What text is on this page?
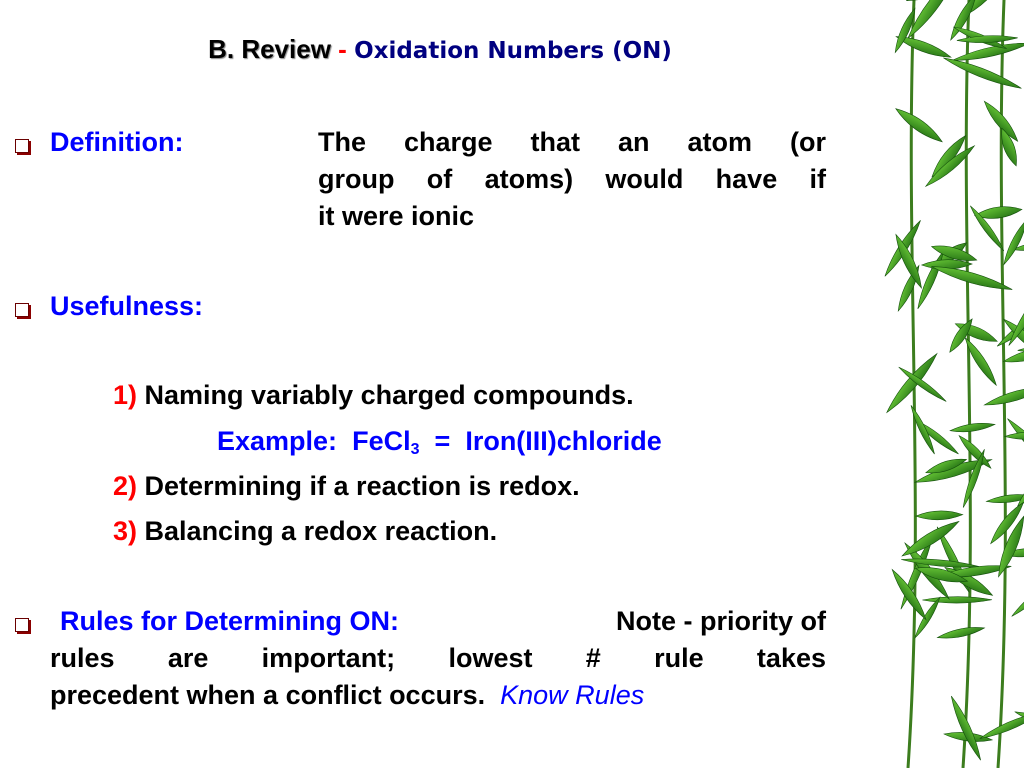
B. Review - Oxidation Numbers (ON)
Definition:	The charge that an atom (or
group of atoms) would have if
it were ionic
Usefulness:
1) Naming variably charged compounds.
Example: FeCl$_3$ = Iron(III)chloride
2) Determining if a reaction is redox.
3) Balancing a redox reaction.
Rules for Determining ON:	Note - priority of
rules are important; lowest # rule takes
precedent when a conflict occurs. Know Rules
